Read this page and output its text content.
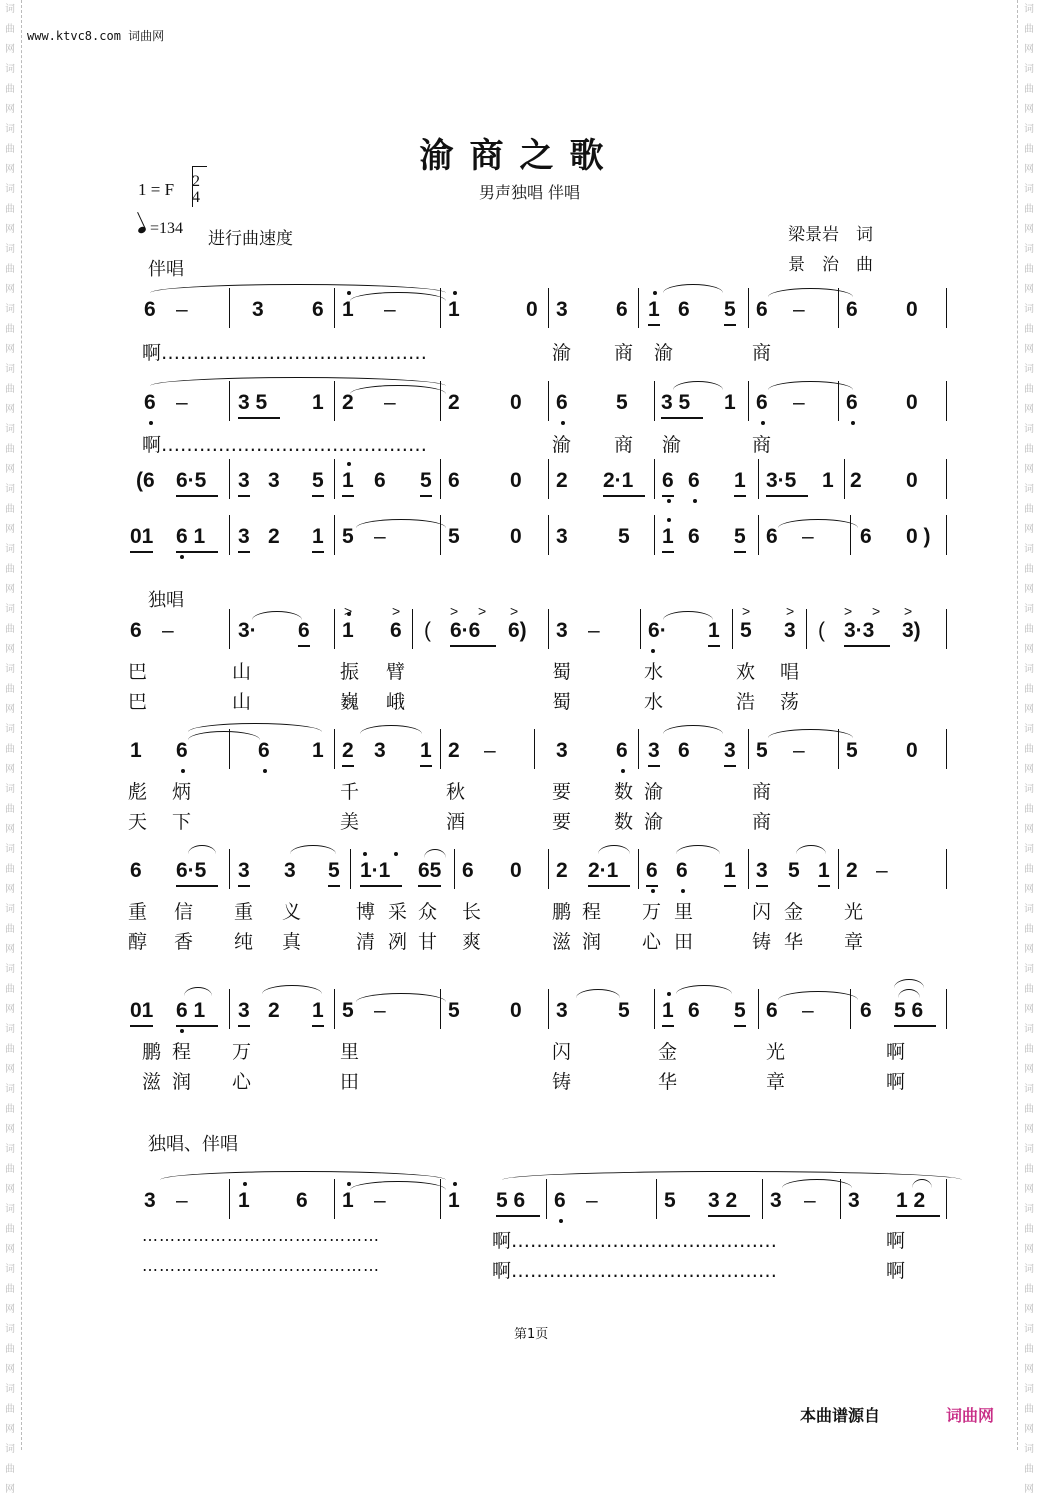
词
曲
网
词
曲
网
词
曲
网
词
曲
网
词
曲
网
词
曲
网
词
曲
网
词
曲
网
词
曲
网
词
曲
网
词
曲
网
词
曲
网
词
曲
网
词
曲
网
词
曲
网
词
曲
网
词
曲
网
词
曲
网
词
曲
网
词
曲
网
词
曲
网
词
曲
网
词
曲
网
词
曲
网
词
曲
网
词
曲
网
词
曲
网
词
曲
网
词
曲
网
词
曲
网
词
曲
网
词
曲
网
词
曲
网
词
曲
网
词
曲
网
词
曲
网
词
曲
网
词
曲
网
词
曲
网
词
曲
网
词
曲
网
词
曲
网
词
曲
网
词
曲
网
词
曲
网
词
曲
网
词
曲
网
词
曲
网
词
曲
网
词
曲
网
www.ktvc8.com 词曲网
渝商之歌
男声独唱 伴唱
1 = F 2
4
=134
进行曲速度	梁景岩　词
景　治　曲
伴唱
6 –	3 6 1 – 1	0 3 6 1 6 5 6 – 6 0
啊……………………………………	渝 商 渝	商
6 – 3 5	1 2 – 2 0 6 5 3 5	1 6 – 6 0
啊……………………………………	渝 商 渝	商
(6 6·5	3 3 5 1 6 5 6 0 2 2·1	6 6 1 3·5	1 2 0
01 6
1	3 2 1 5 –	5 0 3 5 1 6 5 6 – 6 0 )
独唱
6 –	3· 6 1
>
6
>
( 6·6
> >
6)
>
3 – 6
· 1 5
>
3
>
( 3·3
> >
3)
>
巴	山	振 臂	蜀	水	欢 唱
巴	山	巍 峨	蜀	水	浩 荡
1 6	6 1 2 3 1 2 –	3 6 3 6 3 5 – 5 0
彪 炳	千	秋	要 数 渝	商
天 下	美	酒	要 数 渝	商
6 6·5	3 3 5 1·1	65 6 0 2 2·1	6 6 1 3 5 1 2 –
重 信 重 义	博 采 众 长	鹏 程 万 里	闪 金 光
醇 香 纯 真	清 冽 甘 爽	滋 润 心 田	铸 华 章
01 6
1	3 2 1 5 –	5 0 3 5 1 6 5 6 – 6 5 6
鹏 程 万	里	闪	金	光	啊
滋 润 心	田	铸	华	章	啊
独唱、伴唱
3 – 1 6 1 –	1 5 6	6 –	5 3 2	3 – 3 1 2
……………………………………	啊……………………………………	啊
……………………………………	啊……………………………………	啊
第1页
本曲谱源自	词曲网
